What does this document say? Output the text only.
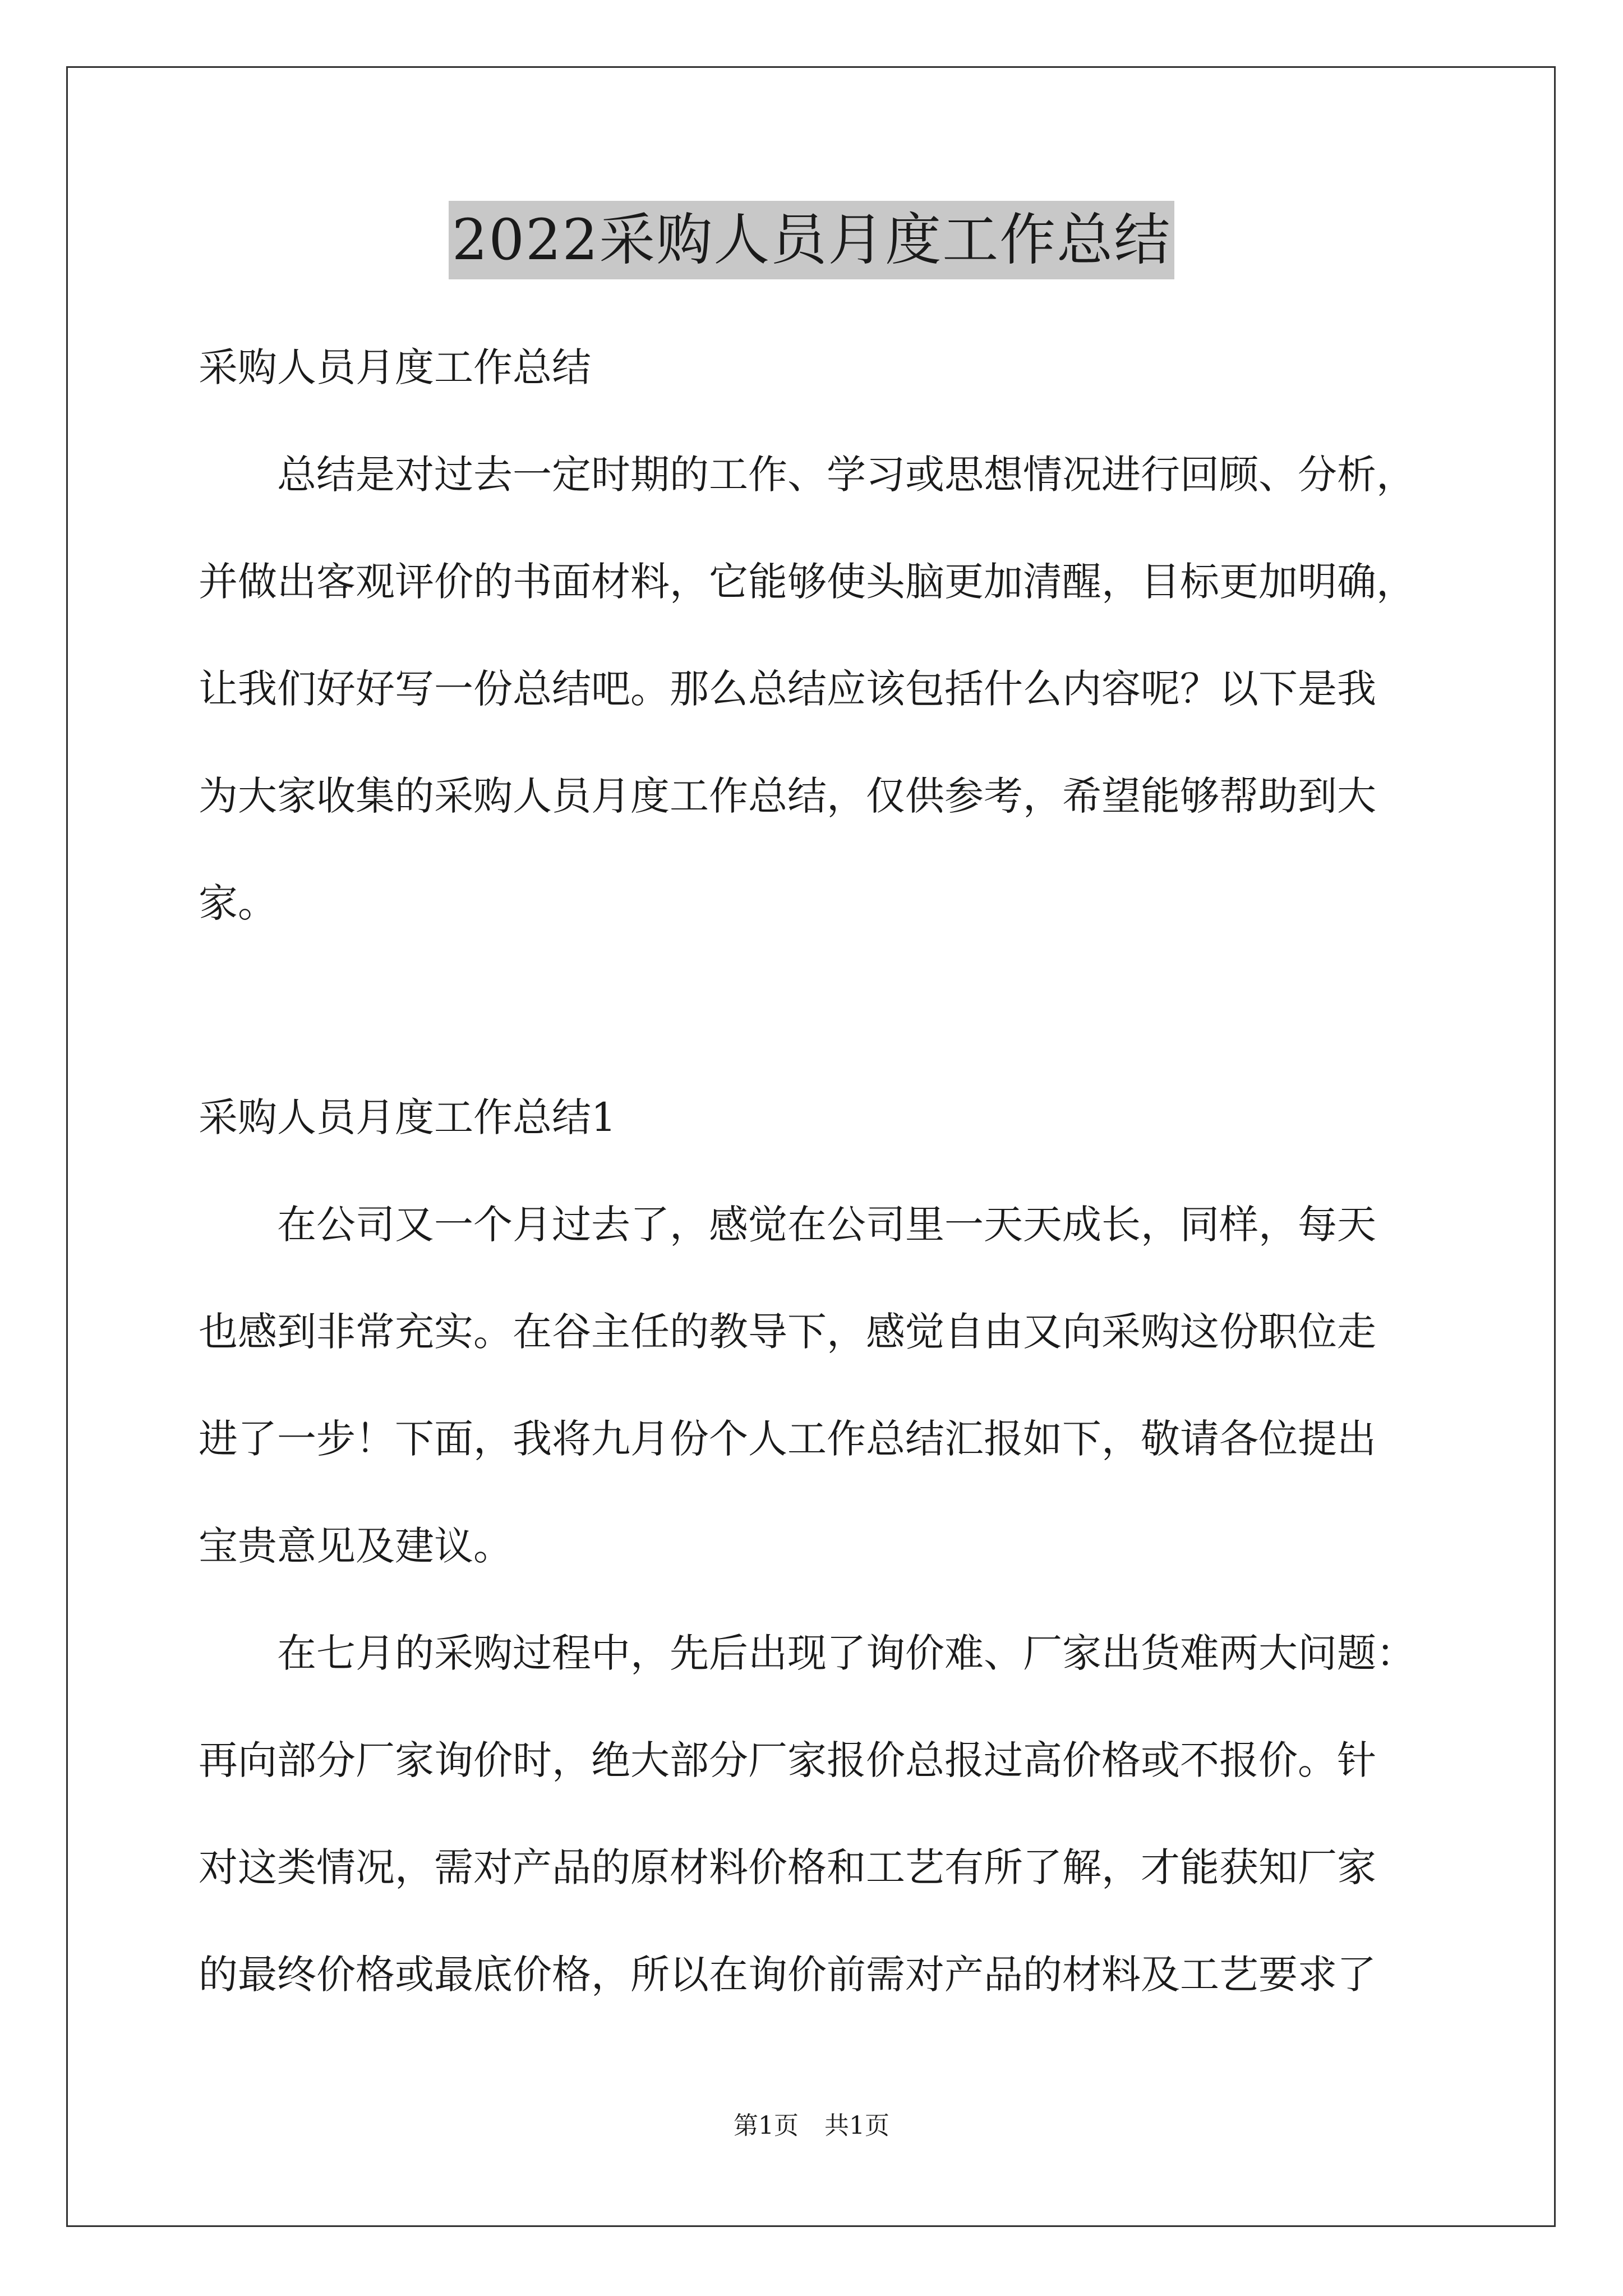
2022采购人员月度工作总结
采购人员月度工作总结
总结是对过去一定时期的工作、学习或思想情况进行回顾、分析，
并做出客观评价的书面材料，它能够使头脑更加清醒，目标更加明确，
让我们好好写一份总结吧。那么总结应该包括什么内容呢？以下是我
为大家收集的采购人员月度工作总结，仅供参考，希望能够帮助到大
家。
采购人员月度工作总结1
在公司又一个月过去了，感觉在公司里一天天成长，同样，每天
也感到非常充实。在谷主任的教导下，感觉自由又向采购这份职位走
进了一步！下面，我将九月份个人工作总结汇报如下，敬请各位提出
宝贵意见及建议。
在七月的采购过程中，先后出现了询价难、厂家出货难两大问题：
再向部分厂家询价时，绝大部分厂家报价总报过高价格或不报价。针
对这类情况，需对产品的原材料价格和工艺有所了解，才能获知厂家
的最终价格或最底价格，所以在询价前需对产品的材料及工艺要求了
第1页 共1页
